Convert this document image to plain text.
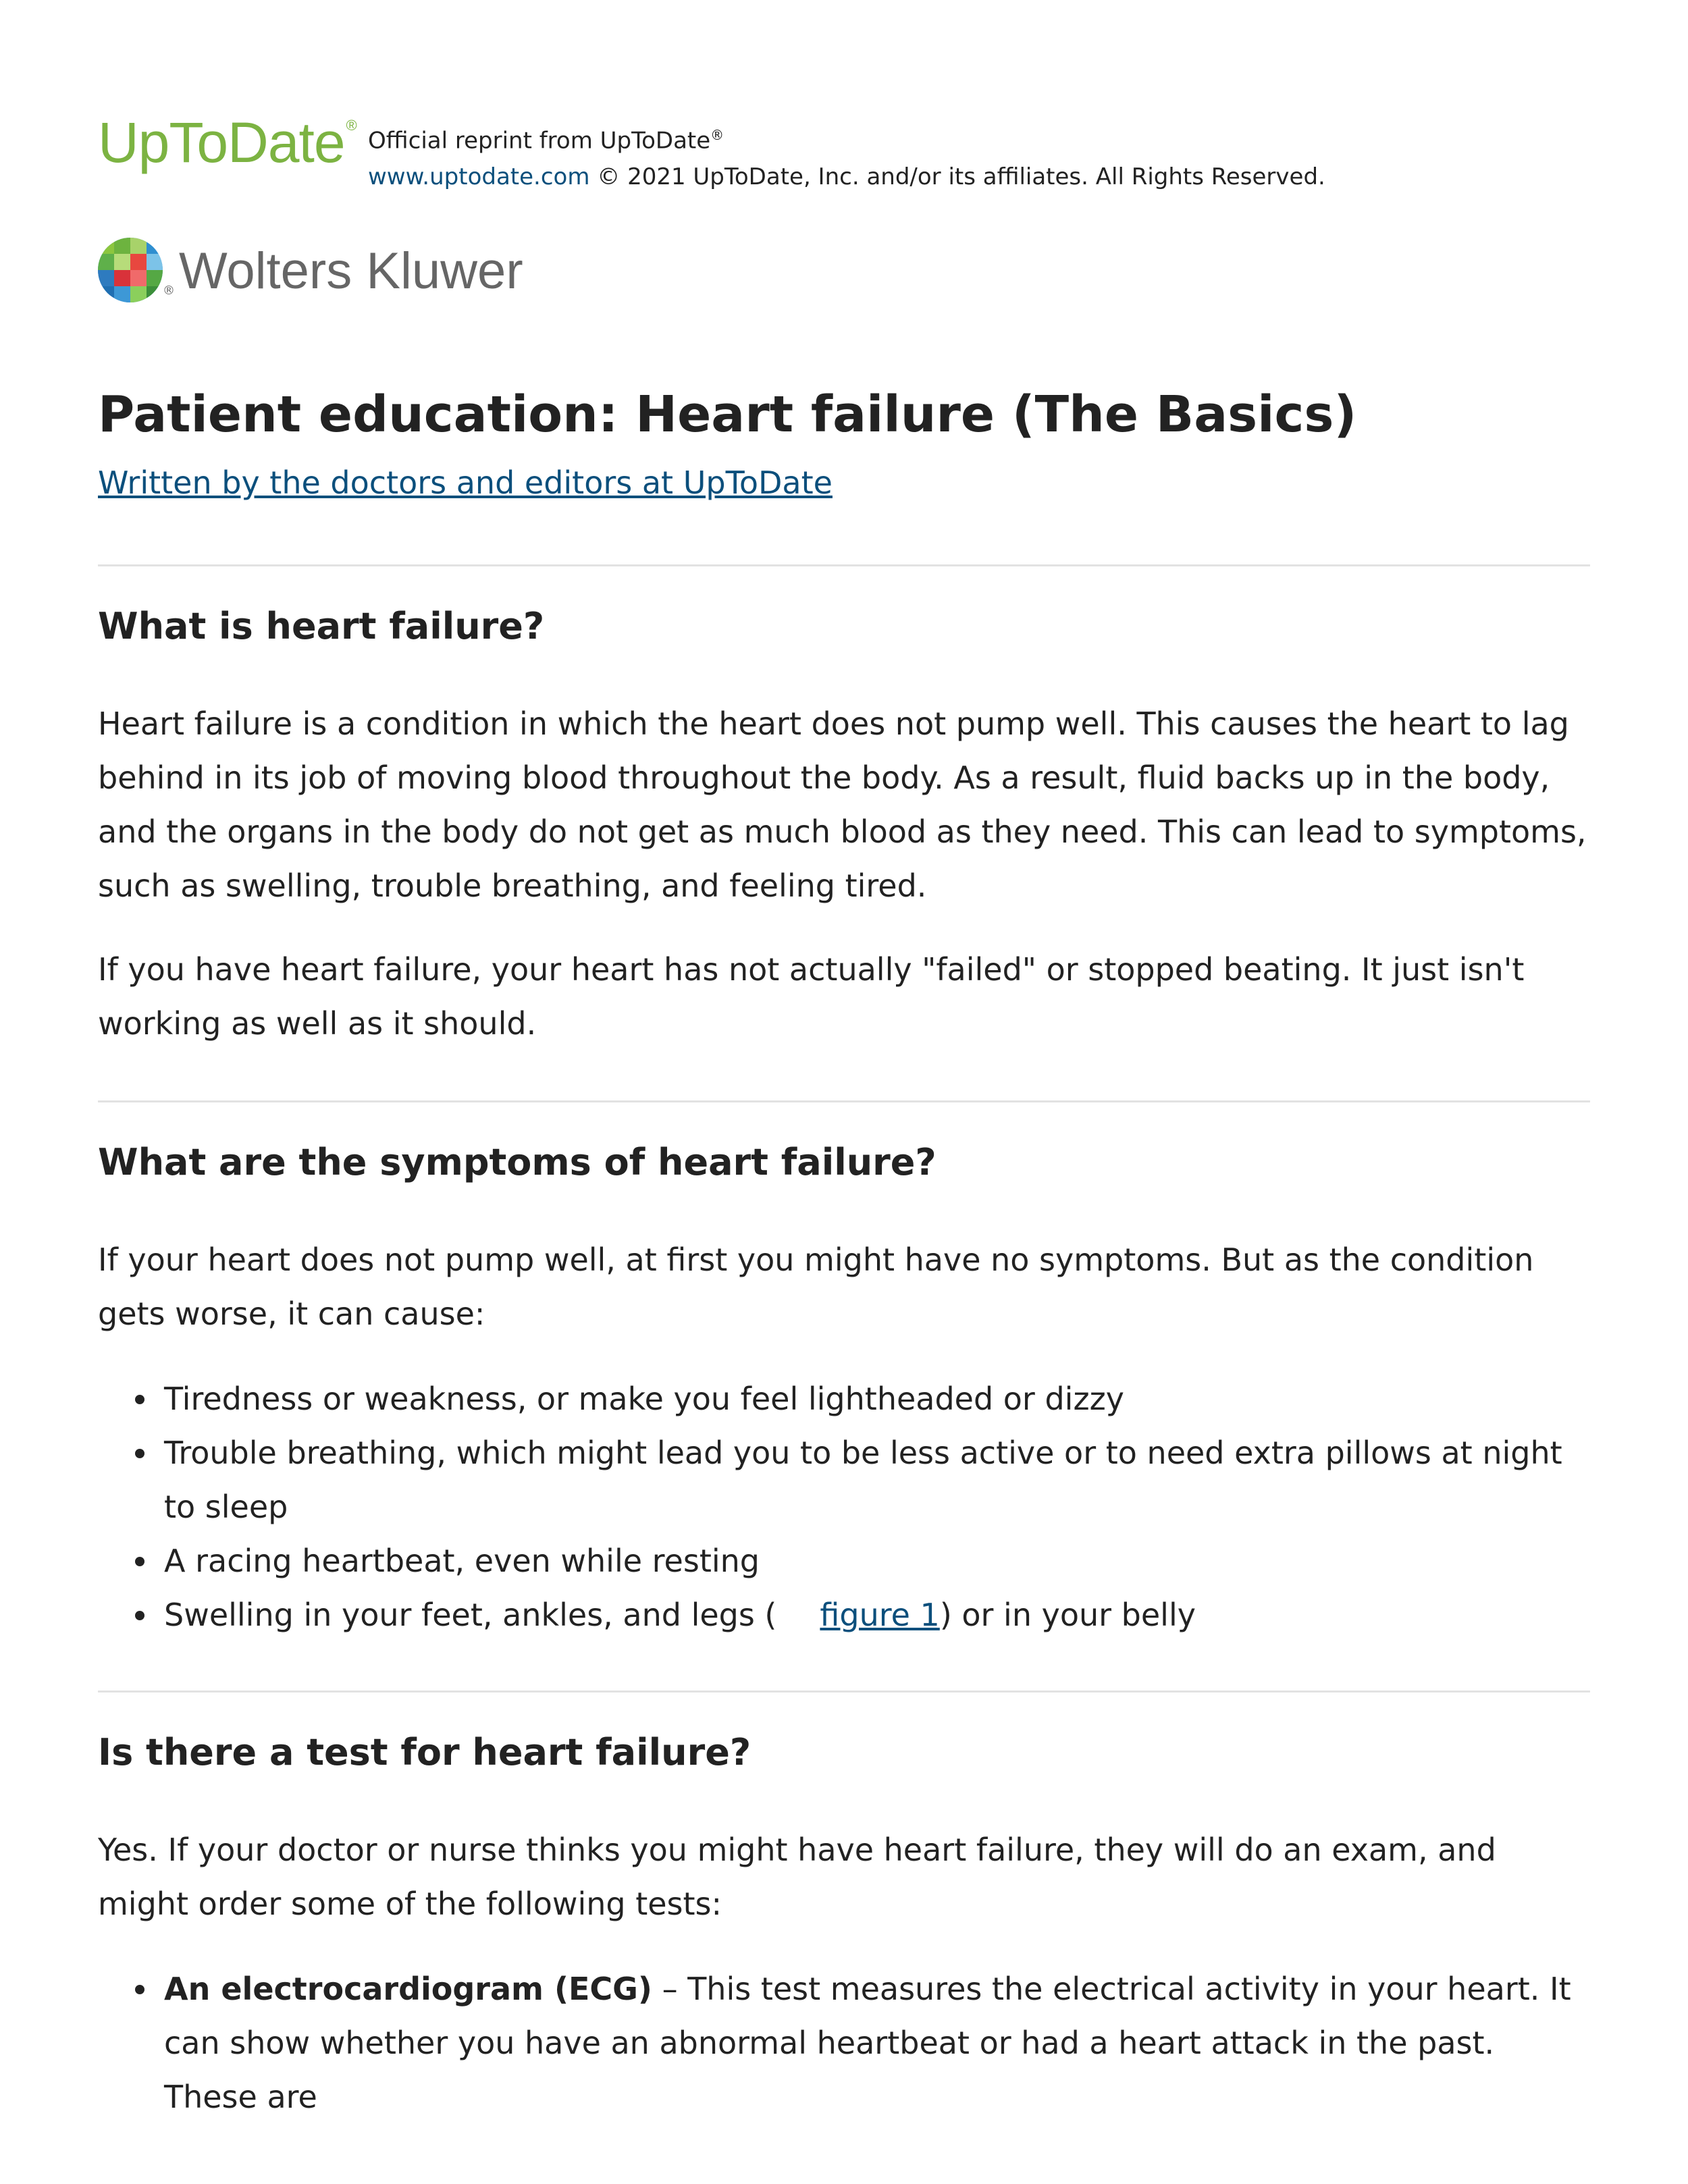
UpToDate®
Official reprint from UpToDate®
www.uptodate.com © 2021 UpToDate, Inc. and/or its affiliates. All Rights Reserved.
® Wolters Kluwer
Patient education: Heart failure (The Basics)
Written by the doctors and editors at UpToDate
What is heart failure?

Heart failure is a condition in which the heart does not pump well. This causes the heart to lag behind in its job of moving blood throughout the body. As a result, fluid backs up in the body, and the organs in the body do not get as much blood as they need. This can lead to symptoms, such as swelling, trouble breathing, and feeling tired.

If you have heart failure, your heart has not actually "failed" or stopped beating. It just isn't working as well as it should.

What are the symptoms of heart failure?

If your heart does not pump well, at first you might have no symptoms. But as the condition gets worse, it can cause:

Tiredness or weakness, or make you feel lightheaded or dizzy
Trouble breathing, which might lead you to be less active or to need extra pillows at night to sleep
A racing heartbeat, even while resting
Swelling in your feet, ankles, and legs ( figure 1) or in your belly
Is there a test for heart failure?

Yes. If your doctor or nurse thinks you might have heart failure, they will do an exam, and might order some of the following tests:

An electrocardiogram (ECG) – This test measures the electrical activity in your heart. It can show whether you have an abnormal heartbeat or had a heart attack in the past. These are
